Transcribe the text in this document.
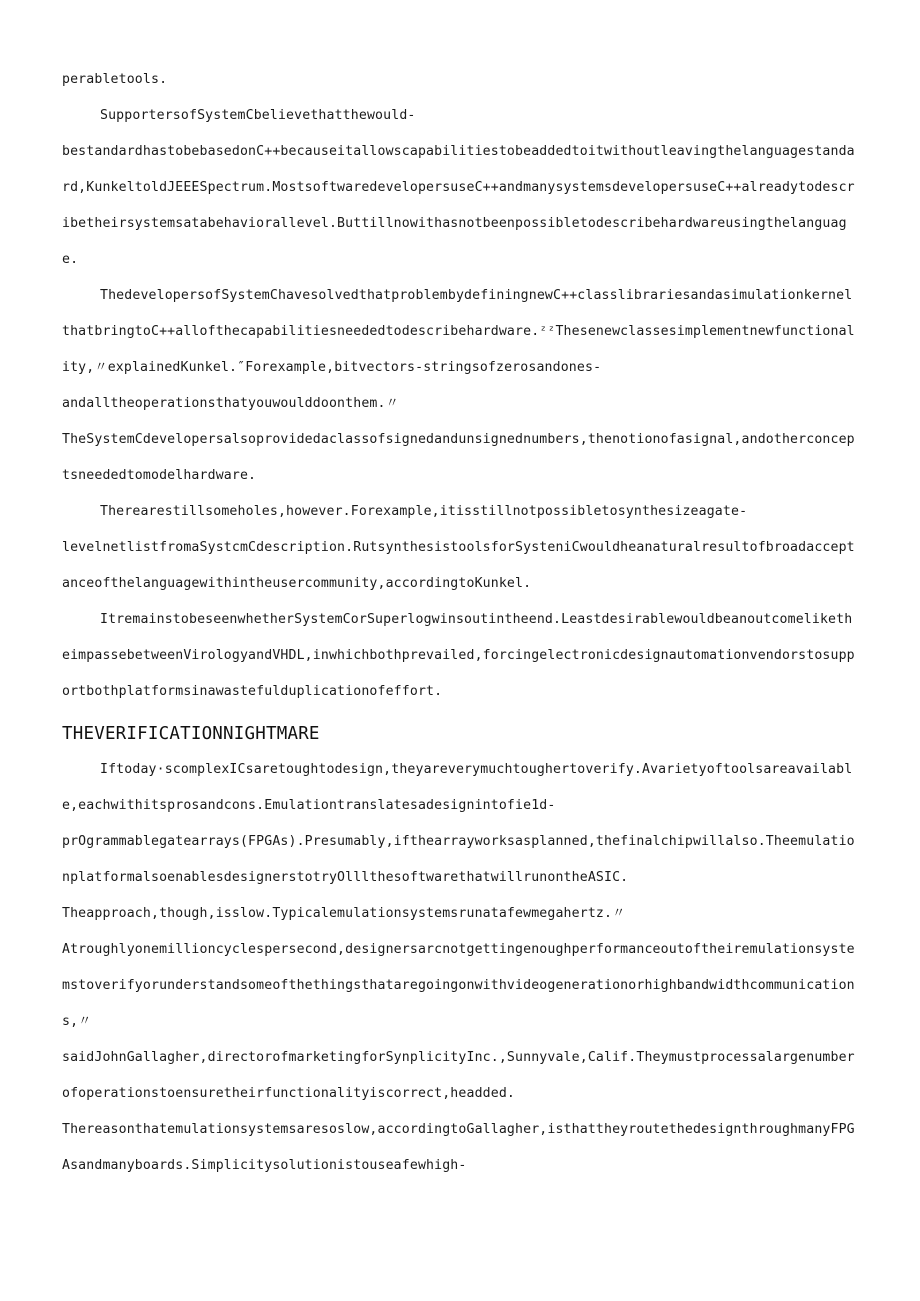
perabletools.

SupportersofSystemCbelievethatthewould-

bestandardhastobebasedonC++becauseitallowscapabilitiestobeaddedtoitwithoutleavingthelanguagestandard,KunkeltoldJEEESpectrum.MostsoftwaredevelopersuseC++andmanysystemsdevelopersuseC++alreadytodescribetheirsystemsatabehaviorallevel.Buttillnowithasnotbeenpossibletodescribehardwareusingthelanguage.

ThedevelopersofSystemChavesolvedthatproblembydefiningnewC++classlibrariesandasimulationkernelthatbringtoC++allofthecapabilitiesneededtodescribehardware.ᶻᶻThesenewclassesimplementnewfunctionality,〃explainedKunkel.″Forexample,bitvectors-stringsofzerosandones-

andalltheoperationsthatyouwoulddoonthem.〃

TheSystemCdevelopersalsoprovidedaclassofsignedandunsignednumbers,thenotionofasignal,andotherconceptsneededtomodelhardware.

Therearestillsomeholes,however.Forexample,itisstillnotpossibletosynthesizeagate-

levelnetlistfromaSystcmCdescription.RutsynthesistoolsforSysteniCwouldheanaturalresultofbroadacceptanceofthelanguagewithintheusercommunity,accordingtoKunkel.

ItremainstobeseenwhetherSystemCorSuperlogwinsoutintheend.LeastdesirablewouldbeanoutcomeliketheimpassebetweenVirologyandVHDL,inwhichbothprevailed,forcingelectronicdesignautomationvendorstosupportbothplatformsinawastefulduplicationofeffort.

THEVERIFICATIONNIGHTMARE

Iftoday·scomplexICsaretoughtodesign,theyareverymuchtoughertoverify.Avarietyoftoolsareavailable,eachwithitsprosandcons.Emulationtranslatesadesignintofie1d-

prOgrammablegatearrays(FPGAs).Presumably,ifthearrayworksasplanned,thefinalchipwillalso.TheemulationplatformalsoenablesdesignerstotryOlllthesoftwarethatwillrunontheASIC.

Theapproach,though,isslow.Typicalemulationsystemsrunatafewmegahertz.〃

Atroughlyonemillioncyclespersecond,designersarcnotgettingenoughperformanceoutoftheiremulationsystemstoverifyorunderstandsomeofthethingsthataregoingonwithvideogenerationorhighbandwidthcommunications,〃

saidJohnGallagher,directorofmarketingforSynplicityInc.,Sunnyvale,Calif.Theymustprocessalargenumberofoperationstoensuretheirfunctionalityiscorrect,headded.

Thereasonthatemulationsystemsaresoslow,accordingtoGallagher,isthattheyroutethedesignthroughmanyFPGAsandmanyboards.Simplicitysolutionistouseafewhigh-
